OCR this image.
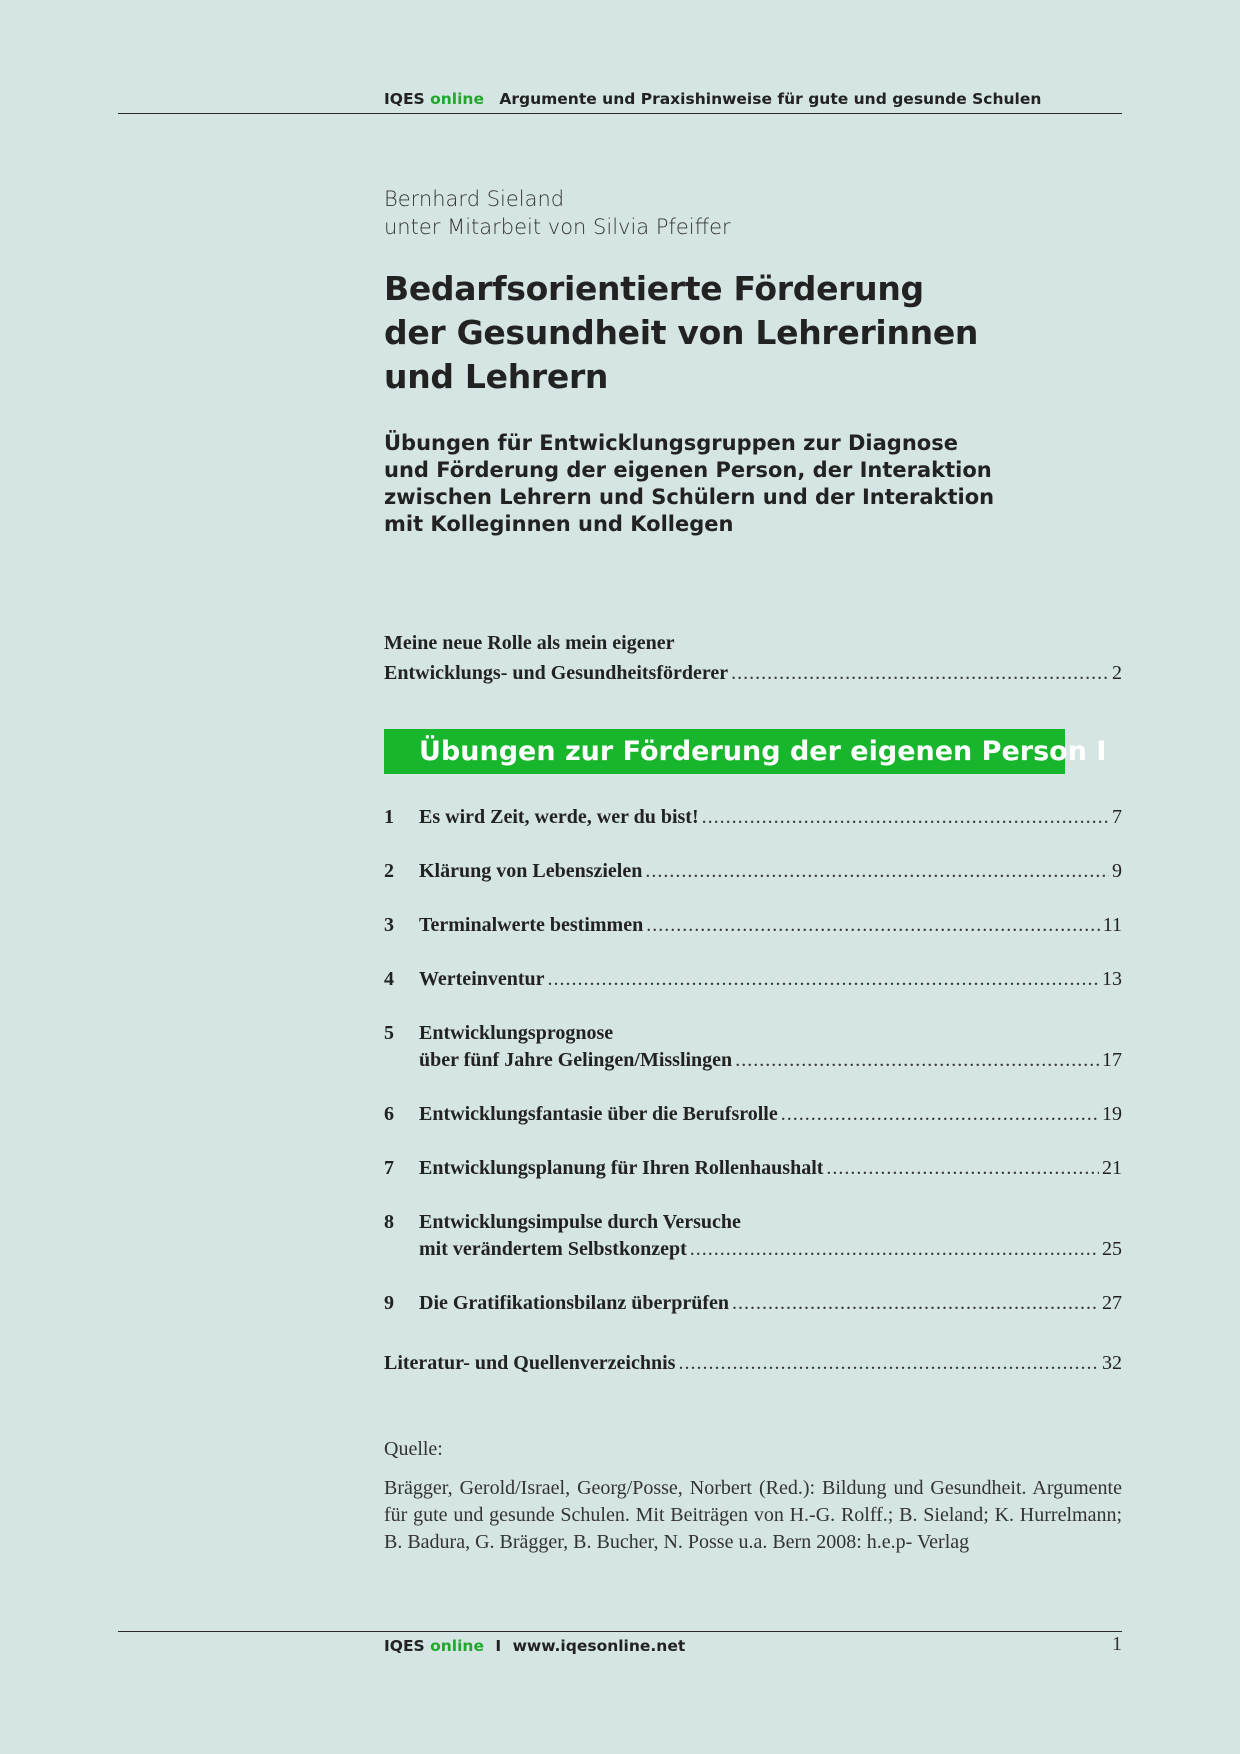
IQES online Argumente und Praxishinweise für gute und gesunde Schulen
Bernhard Sieland
unter Mitarbeit von Silvia Pfeiffer
Bedarfsorientierte Förderung
der Gesundheit von Lehrerinnen
und Lehrern
Übungen für Entwicklungsgruppen zur Diagnose
und Förderung der eigenen Person, der Interaktion
zwischen Lehrern und Schülern und der Interaktion
mit Kolleginnen und Kollegen
Meine neue Rolle als mein eigener
Entwicklungs- und Gesundheitsförderer .....	2
Übungen zur Förderung der eigenen Person I
1	Es wird Zeit, werde, wer du bist! .....	7
2	Klärung von Lebenszielen .....	9
3	Terminalwerte bestimmen .....	11
4	Werteinventur .....	13
5	Entwicklungsprognose
über fünf Jahre Gelingen/Misslingen .....	17
6	Entwicklungsfantasie über die Berufsrolle .....	19
7	Entwicklungsplanung für Ihren Rollenhaushalt .....	21
8	Entwicklungsimpulse durch Versuche
mit verändertem Selbstkonzept .....	25
9	Die Gratifikationsbilanz überprüfen .....	27
Literatur- und Quellenverzeichnis .....	32
Quelle:

Brägger, Gerold/Israel, Georg/Posse, Norbert (Red.): Bildung und Gesundheit. Argumente für gute und gesunde Schulen. Mit Beiträgen von H.-G. Rolff.; B. Sieland; K. Hurrelmann; B. Badura, G. Brägger, B. Bucher, N. Posse u.a. Bern 2008: h.e.p- Verlag

IQES online I www.iqesonline.net	1
